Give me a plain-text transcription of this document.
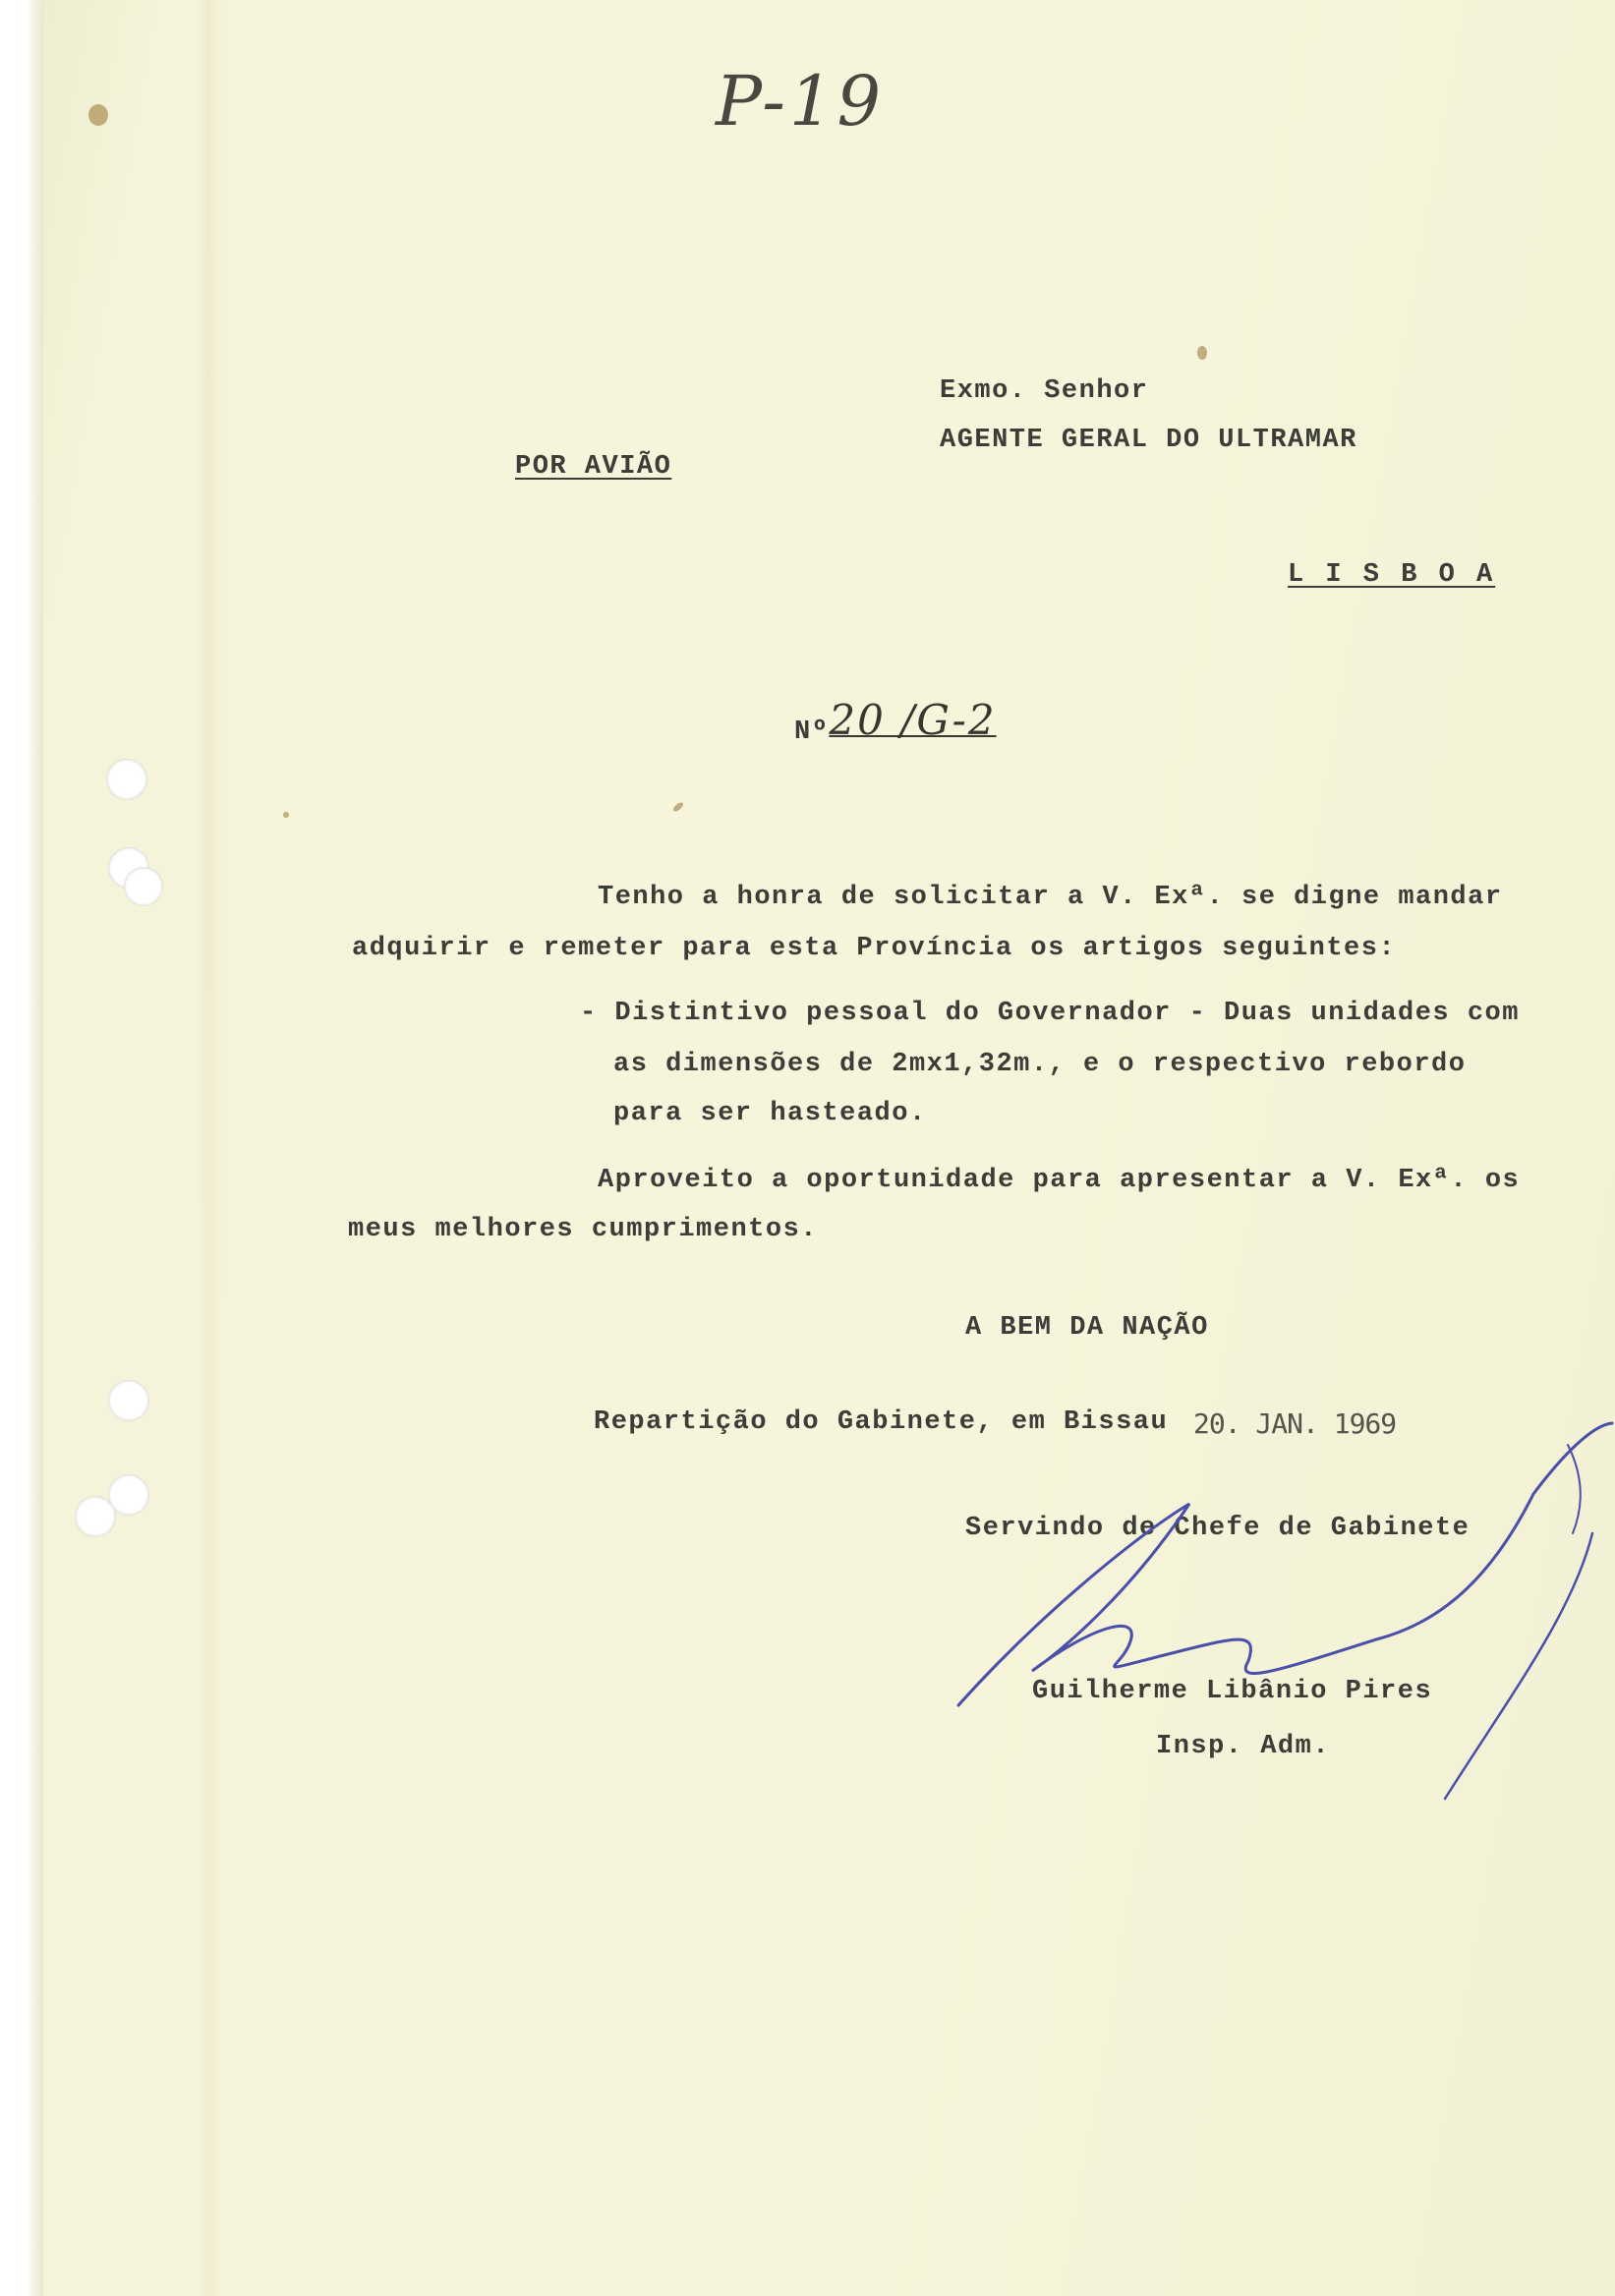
P-19
Exmo. Senhor
AGENTE GERAL DO ULTRAMAR
POR AVIÃO
L I S B O A
Nº20 /G-2
Tenho a honra de solicitar a V. Exª. se digne mandar
adquirir e remeter para esta Província os artigos seguintes:
- Distintivo pessoal do Governador - Duas unidades com
as dimensões de 2mx1,32m., e o respectivo rebordo
para ser hasteado.
Aproveito a oportunidade para apresentar a V. Exª. os
meus melhores cumprimentos.
A BEM DA NAÇÃO
Repartição do Gabinete, em Bissau 20. JAN. 1969
Servindo de Chefe de Gabinete
Guilherme Libânio Pires
Insp. Adm.
